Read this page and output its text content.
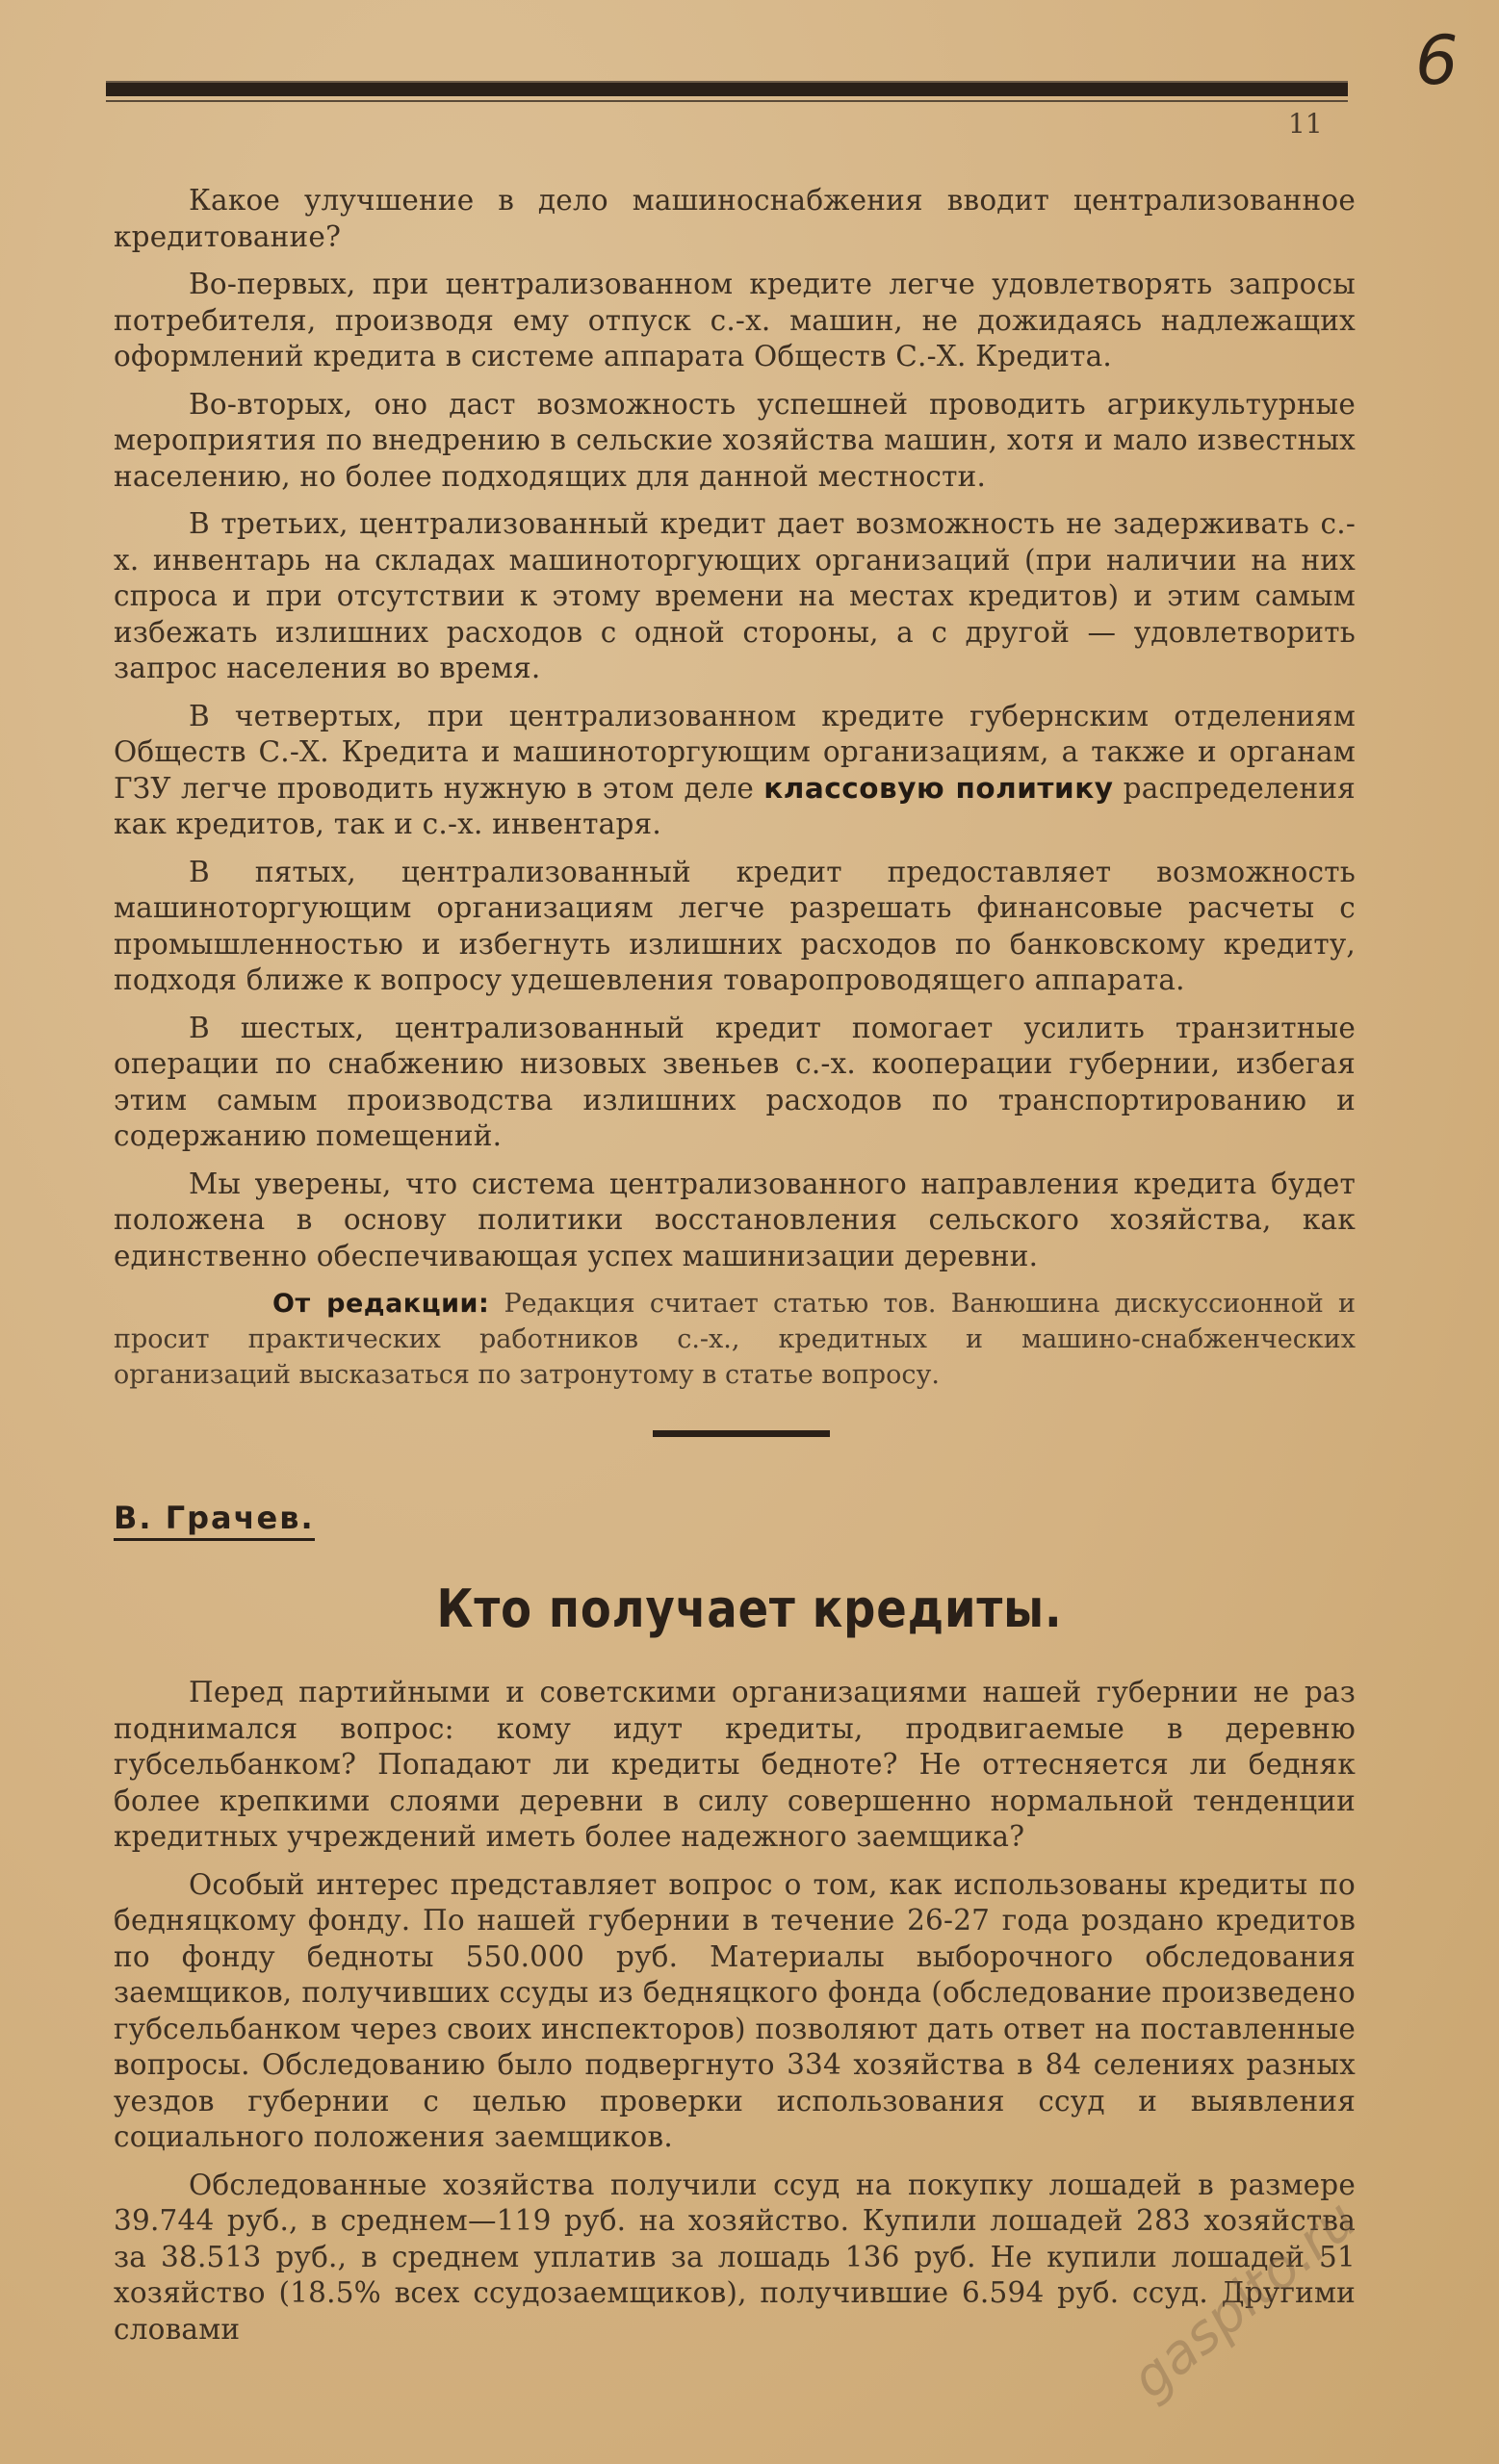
11
6

Какое улучшение в дело машиноснабжения вводит централизованное кредитование?

Во-первых, при централизованном кредите легче удовлетворять запросы потребителя, производя ему отпуск с.-х. машин, не дожидаясь надлежащих оформлений кредита в системе аппарата Обществ С.-Х. Кредита.

Во-вторых, оно даст возможность успешней проводить агрикультурные мероприятия по внедрению в сельские хозяйства машин, хотя и мало известных населению, но более подходящих для данной местности.

В третьих, централизованный кредит дает возможность не задерживать с.-х. инвентарь на складах машиноторгующих организаций (при наличии на них спроса и при отсутствии к этому времени на местах кредитов) и этим самым избежать излишних расходов с одной стороны, а с другой — удовлетворить запрос населения во время.

В четвертых, при централизованном кредите губернским отделениям Обществ С.-Х. Кредита и машиноторгующим организациям, а также и органам ГЗУ легче проводить нужную в этом деле классовую политику распределения как кредитов, так и с.-х. инвентаря.

В пятых, централизованный кредит предоставляет возможность машиноторгующим организациям легче разрешать финансовые расчеты с промышленностью и избегнуть излишних расходов по банковскому кредиту, подходя ближе к вопросу удешевления товаропроводящего аппарата.

В шестых, централизованный кредит помогает усилить транзитные операции по снабжению низовых звеньев с.-х. кооперации губернии, избегая этим самым производства излишних расходов по транспортированию и содержанию помещений.

Мы уверены, что система централизованного направления кредита будет положена в основу политики восстановления сельского хозяйства, как единственно обеспечивающая успех машинизации деревни.

От редакции: Редакция считает статью тов. Ванюшина дискуссионной и просит практических работников с.-х., кредитных и машино-снабженческих организаций высказаться по затронутому в статье вопросу.

В. Грачев.
Кто получает кредиты.

Перед партийными и советскими организациями нашей губернии не раз поднимался вопрос: кому идут кредиты, продвигаемые в деревню губсельбанком? Попадают ли кредиты бедноте? Не оттесняется ли бедняк более крепкими слоями деревни в силу совершенно нормальной тенденции кредитных учреждений иметь более надежного заемщика?

Особый интерес представляет вопрос о том, как использованы кредиты по бедняцкому фонду. По нашей губернии в течение 26-27 года роздано кредитов по фонду бедноты 550.000 руб. Материалы выборочного обследования заемщиков, получивших ссуды из бедняцкого фонда (обследование произведено губсельбанком через своих инспекторов) позволяют дать ответ на поставленные вопросы. Обследованию было подвергнуто 334 хозяйства в 84 селениях разных уездов губернии с целью проверки использования ссуд и выявления социального положения заемщиков.

Обследованные хозяйства получили ссуд на покупку лошадей в размере 39.744 руб., в среднем—119 руб. на хозяйство. Купили лошадей 283 хозяйства за 38.513 руб., в среднем уплатив за лошадь 136 руб. Не купили лошадей 51 хозяйство (18.5% всех ссудозаемщиков), получившие 6.594 руб. ссуд. Другими словами	gaspito.ru
